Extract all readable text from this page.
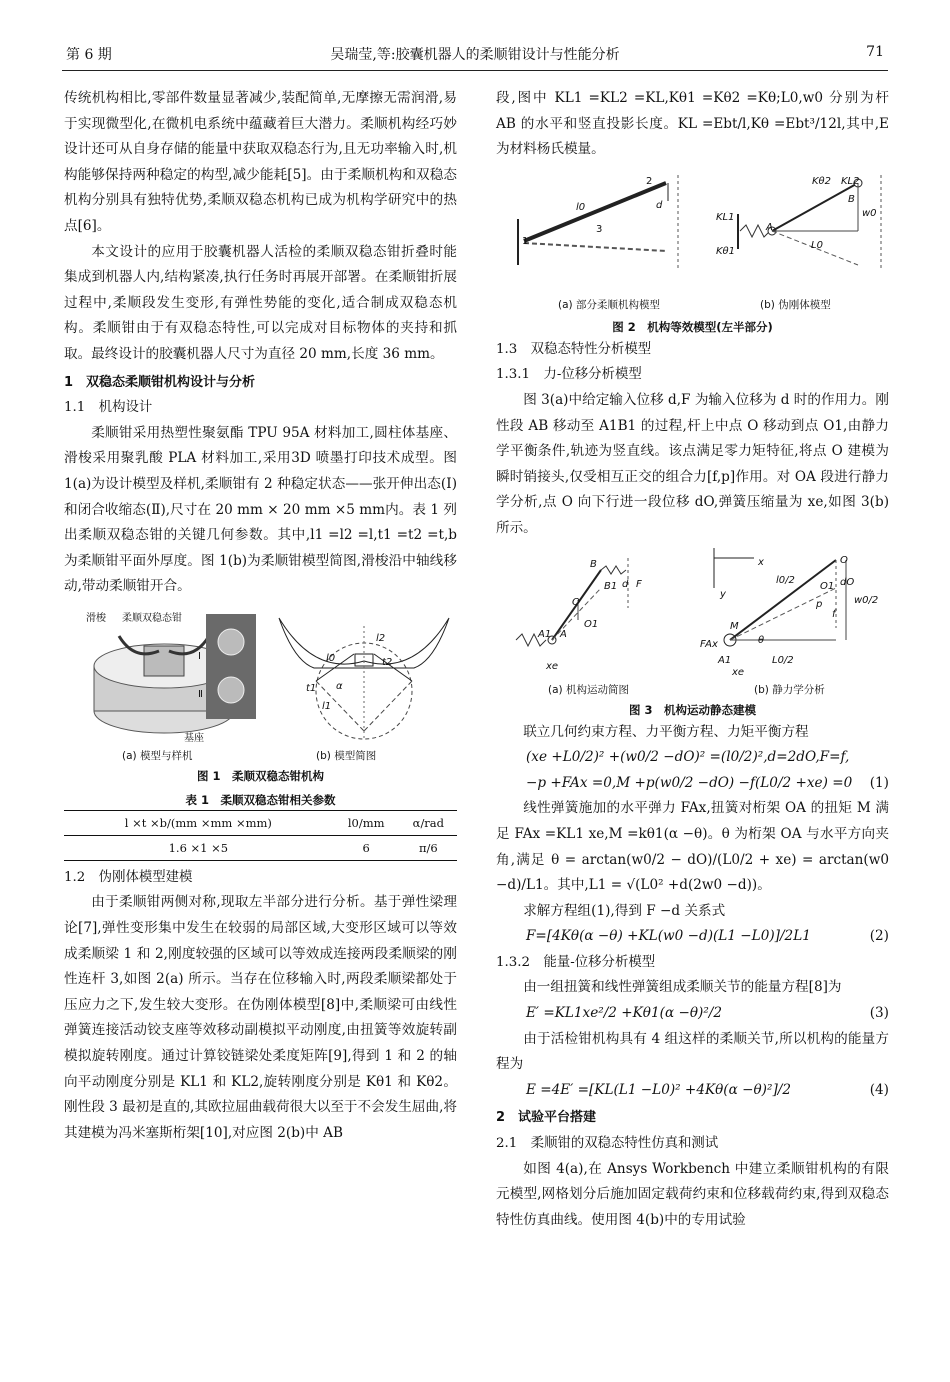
第 6 期	吴瑞莹,等:胶囊机器人的柔顺钳设计与性能分析	71

传统机构相比,零部件数量显著减少,装配简单,无摩擦无需润滑,易于实现微型化,在微机电系统中蕴藏着巨大潜力。柔顺机构经巧妙设计还可从自身存储的能量中获取双稳态行为,且无功率输入时,机构能够保持两种稳定的构型,减少能耗[5]。由于柔顺机构和双稳态机构分别具有独特优势,柔顺双稳态机构已成为机构学研究中的热点[6]。

本文设计的应用于胶囊机器人活检的柔顺双稳态钳折叠时能集成到机器人内,结构紧凑,执行任务时再展开部署。在柔顺钳折展过程中,柔顺段发生变形,有弹性势能的变化,适合制成双稳态机构。柔顺钳由于有双稳态特性,可以完成对目标物体的夹持和抓取。最终设计的胶囊机器人尺寸为直径 20 mm,长度 36 mm。

1　双稳态柔顺钳机构设计与分析
1.1　机构设计

柔顺钳采用热塑性聚氨酯 TPU 95A 材料加工,圆柱体基座、滑梭采用聚乳酸 PLA 材料加工,采用3D 喷墨打印技术成型。图 1(a)为设计模型及样机,柔顺钳有 2 种稳定状态——张开伸出态(Ⅰ)和闭合收缩态(Ⅱ),尺寸在 20 mm × 20 mm ×5 mm内。表 1 列出柔顺双稳态钳的关键几何参数。其中,l1 =l2 =l,t1 =t2 =t,b 为柔顺钳平面外厚度。图 1(b)为柔顺钳模型简图,滑梭沿中轴线移动,带动柔顺钳开合。

滑梭 柔顺双稳态钳
基座
Ⅰ
Ⅱ
l0
l2
t2
t1 α
l1
(a) 模型与样机	(b) 模型简图
图 1　柔顺双稳态钳机构
表 1　柔顺双稳态钳相关参数
l ×t ×b/(mm ×mm ×mm)	l0/mm	α/rad
1.6 ×1 ×5	6	π/6
1.2　伪刚体模型建模

由于柔顺钳两侧对称,现取左半部分进行分析。基于弹性梁理论[7],弹性变形集中发生在较弱的局部区域,大变形区域可以等效成柔顺梁 1 和 2,刚度较强的区域可以等效成连接两段柔顺梁的刚性连杆 3,如图 2(a) 所示。当存在位移输入时,两段柔顺梁都处于压应力之下,发生较大变形。在伪刚体模型[8]中,柔顺梁可由线性弹簧连接活动铰支座等效移动副模拟平动刚度,由扭簧等效旋转副模拟旋转刚度。通过计算铰链梁处柔度矩阵[9],得到 1 和 2 的轴向平动刚度分别是 KL1 和 KL2,旋转刚度分别是 Kθ1 和 Kθ2。刚性段 3 最初是直的,其欧拉屈曲载荷很大以至于不会发生屈曲,将其建模为冯米塞斯桁架[10],对应图 2(b)中 AB

段,图中 KL1 =KL2 =KL,Kθ1 =Kθ2 =Kθ;L0,w0 分别为杆 AB 的水平和竖直投影长度。KL =Ebt/l,Kθ =Ebt³/12l,其中,E 为材料杨氏模量。

1
2
3
l0	d
Kθ2 KL2
KL1
Kθ1
B
A
w0
L0
(a) 部分柔顺机构模型	(b) 伪刚体模型
图 2　机构等效模型(左半部分)
1.3　双稳态特性分析模型
1.3.1　力-位移分析模型

图 3(a)中给定输入位移 d,F 为输入位移为 d 时的作用力。刚性段 AB 移动至 A1B1 的过程,杆上中点 O 移动到点 O1,由静力学平衡条件,轨迹为竖直线。该点满足零力矩特征,将点 O 建模为瞬时销接头,仅受相互正交的组合力[f,p]作用。对 OA 段进行静力学分析,点 O 向下行进一段位移 dO,弹簧压缩量为 xe,如图 3(b) 所示。

B
B1 d F
O
O1
A
A1
xe
x
y
l0/2
O
O1 dO
w0/2
p
f
M
θ
FAx
A1
xe
L0/2
(a) 机构运动简图	(b) 静力学分析
图 3　机构运动静态建模

联立几何约束方程、力平衡方程、力矩平衡方程

(xe +L0/2)² +(w0/2 −dO)² =(l0/2)²,d=2dO,F=f,
−p +FAx =0,M +p(w0/2 −dO) −f(L0/2 +xe) =0 (1)

线性弹簧施加的水平弹力 FAx,扭簧对桁架 OA 的扭矩 M 满足 FAx =KL1 xe,M =kθ1(α −θ)。θ 为桁架 OA 与水平方向夹角,满足 θ = arctan(w0/2 − dO)/(L0/2 + xe) = arctan(w0 −d)/L1。其中,L1 = √(L0² +d(2w0 −d))。

求解方程组(1),得到 F −d 关系式

F=[4Kθ(α −θ) +KL(w0 −d)(L1 −L0)]/2L1	(2)
1.3.2　能量-位移分析模型

由一组扭簧和线性弹簧组成柔顺关节的能量方程[8]为

E′ =KL1xe²/2 +Kθ1(α −θ)²/2	(3)

由于活检钳机构具有 4 组这样的柔顺关节,所以机构的能量方程为

E =4E′ =[KL(L1 −L0)² +4Kθ(α −θ)²]/2	(4)
2　试验平台搭建
2.1　柔顺钳的双稳态特性仿真和测试

如图 4(a),在 Ansys Workbench 中建立柔顺钳机构的有限元模型,网格划分后施加固定载荷约束和位移载荷约束,得到双稳态特性仿真曲线。使用图 4(b)中的专用试验
